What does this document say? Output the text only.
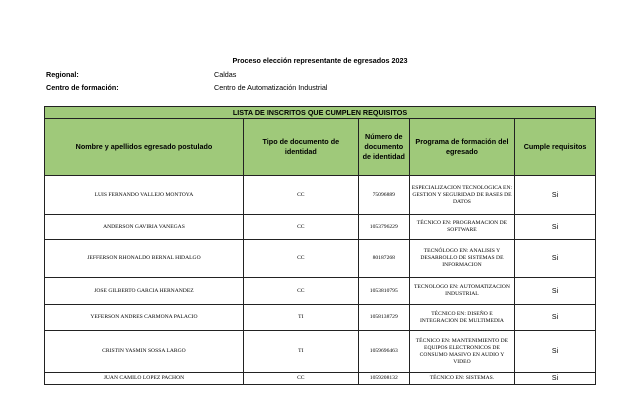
Proceso elección representante de egresados 2023
Regional:	Caldas
Centro de formación:	Centro de Automatización Industrial
LISTA DE INSCRITOS QUE CUMPLEN REQUISITOS				
Nombre y apellidos egresado postulado	Tipo de documento de identidad	Número de documento de identidad	Programa de formación del egresado	Cumple requisitos
LUIS FERNANDO VALLEJO MONTOYA	CC	75096889	ESPECIALIZACION TECNOLOGICA EN: GESTION Y SEGURIDAD DE BASES DE DATOS	Si
ANDERSON GAVIRIA VANEGAS	CC	1053796229	TÉCNICO EN: PROGRAMACION DE SOFTWARE	Si
JEFFERSON RHONALDO BERNAL HIDALGO	CC	80187268	TECNÓLOGO EN: ANALISIS Y DESARROLLO DE SISTEMAS DE INFORMACION	Si
JOSE GILBERTO GARCIA HERNANDEZ	CC	1053810795	TECNOLOGO EN: AUTOMATIZACION INDUSTRIAL	Si
YEFERSON ANDRES CARMONA PALACIO	TI	1058138729	TÉCNICO EN: DISEÑO E INTEGRACION DE MULTIMEDIA	Si
CRISTIN YASMIN SOSSA LARGO	TI	1059696463	TÉCNICO EN: MANTENIMIENTO DE EQUIPOS ELECTRONICOS DE CONSUMO MASIVO EN AUDIO Y VIDEO	Si
JUAN CAMILO LOPEZ PACHON	CC	1059208132	TÉCNICO EN: SISTEMAS.	Si
